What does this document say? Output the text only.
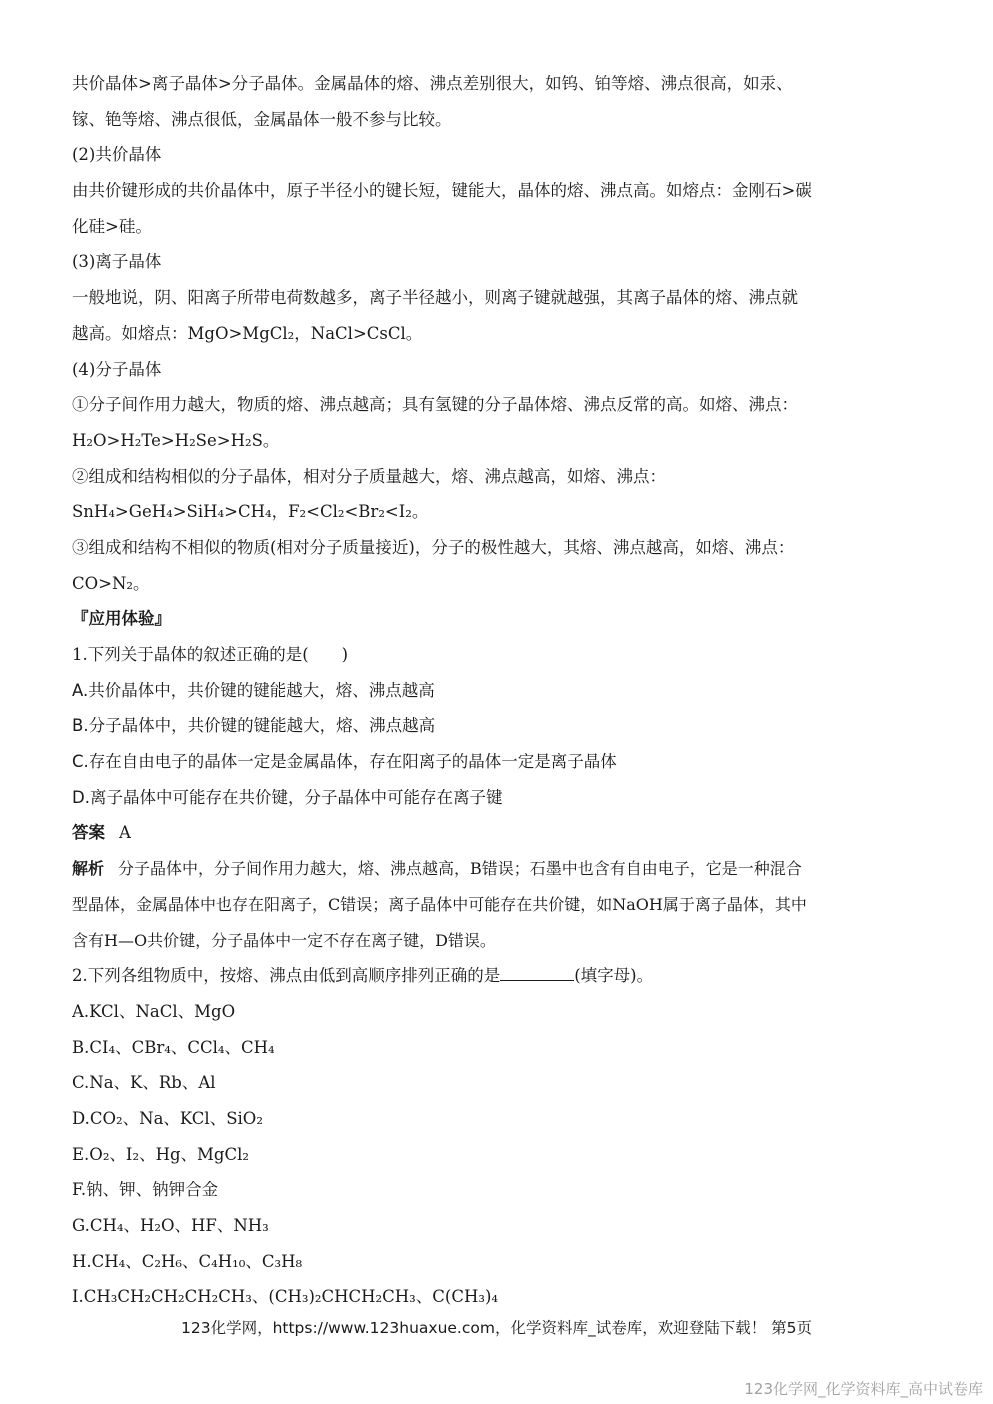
共价晶体>离子晶体>分子晶体。金属晶体的熔、沸点差别很大，如钨、铂等熔、沸点很高，如汞、
镓、铯等熔、沸点很低，金属晶体一般不参与比较。
(2)共价晶体
由共价键形成的共价晶体中，原子半径小的键长短，键能大，晶体的熔、沸点高。如熔点：金刚石>碳
化硅>硅。
(3)离子晶体
一般地说，阴、阳离子所带电荷数越多，离子半径越小，则离子键就越强，其离子晶体的熔、沸点就
越高。如熔点：MgO>MgCl₂，NaCl>CsCl。
(4)分子晶体
①分子间作用力越大，物质的熔、沸点越高；具有氢键的分子晶体熔、沸点反常的高。如熔、沸点：
H₂O>H₂Te>H₂Se>H₂S。
②组成和结构相似的分子晶体，相对分子质量越大，熔、沸点越高，如熔、沸点：
SnH₄>GeH₄>SiH₄>CH₄，F₂<Cl₂<Br₂<I₂。
③组成和结构不相似的物质(相对分子质量接近)，分子的极性越大，其熔、沸点越高，如熔、沸点：
CO>N₂。
『应用体验』
1.下列关于晶体的叙述正确的是(　　)
A.共价晶体中，共价键的键能越大，熔、沸点越高
B.分子晶体中，共价键的键能越大，熔、沸点越高
C.存在自由电子的晶体一定是金属晶体，存在阳离子的晶体一定是离子晶体
D.离子晶体中可能存在共价键，分子晶体中可能存在离子键
答案 A
解析 分子晶体中，分子间作用力越大，熔、沸点越高，B错误；石墨中也含有自由电子，它是一种混合
型晶体，金属晶体中也存在阳离子，C错误；离子晶体中可能存在共价键，如NaOH属于离子晶体，其中
含有H—O共价键，分子晶体中一定不存在离子键，D错误。
2.下列各组物质中，按熔、沸点由低到高顺序排列正确的是	(填字母)。
A.KCl、NaCl、MgO
B.CI₄、CBr₄、CCl₄、CH₄
C.Na、K、Rb、Al
D.CO₂、Na、KCl、SiO₂
E.O₂、I₂、Hg、MgCl₂
F.钠、钾、钠钾合金
G.CH₄、H₂O、HF、NH₃
H.CH₄、C₂H₆、C₄H₁₀、C₃H₈
I.CH₃CH₂CH₂CH₂CH₃、(CH₃)₂CHCH₂CH₃、C(CH₃)₄
123化学网，https://www.123huaxue.com，化学资料库_试卷库，欢迎登陆下载！ 第5页
123化学网_化学资料库_高中试卷库
